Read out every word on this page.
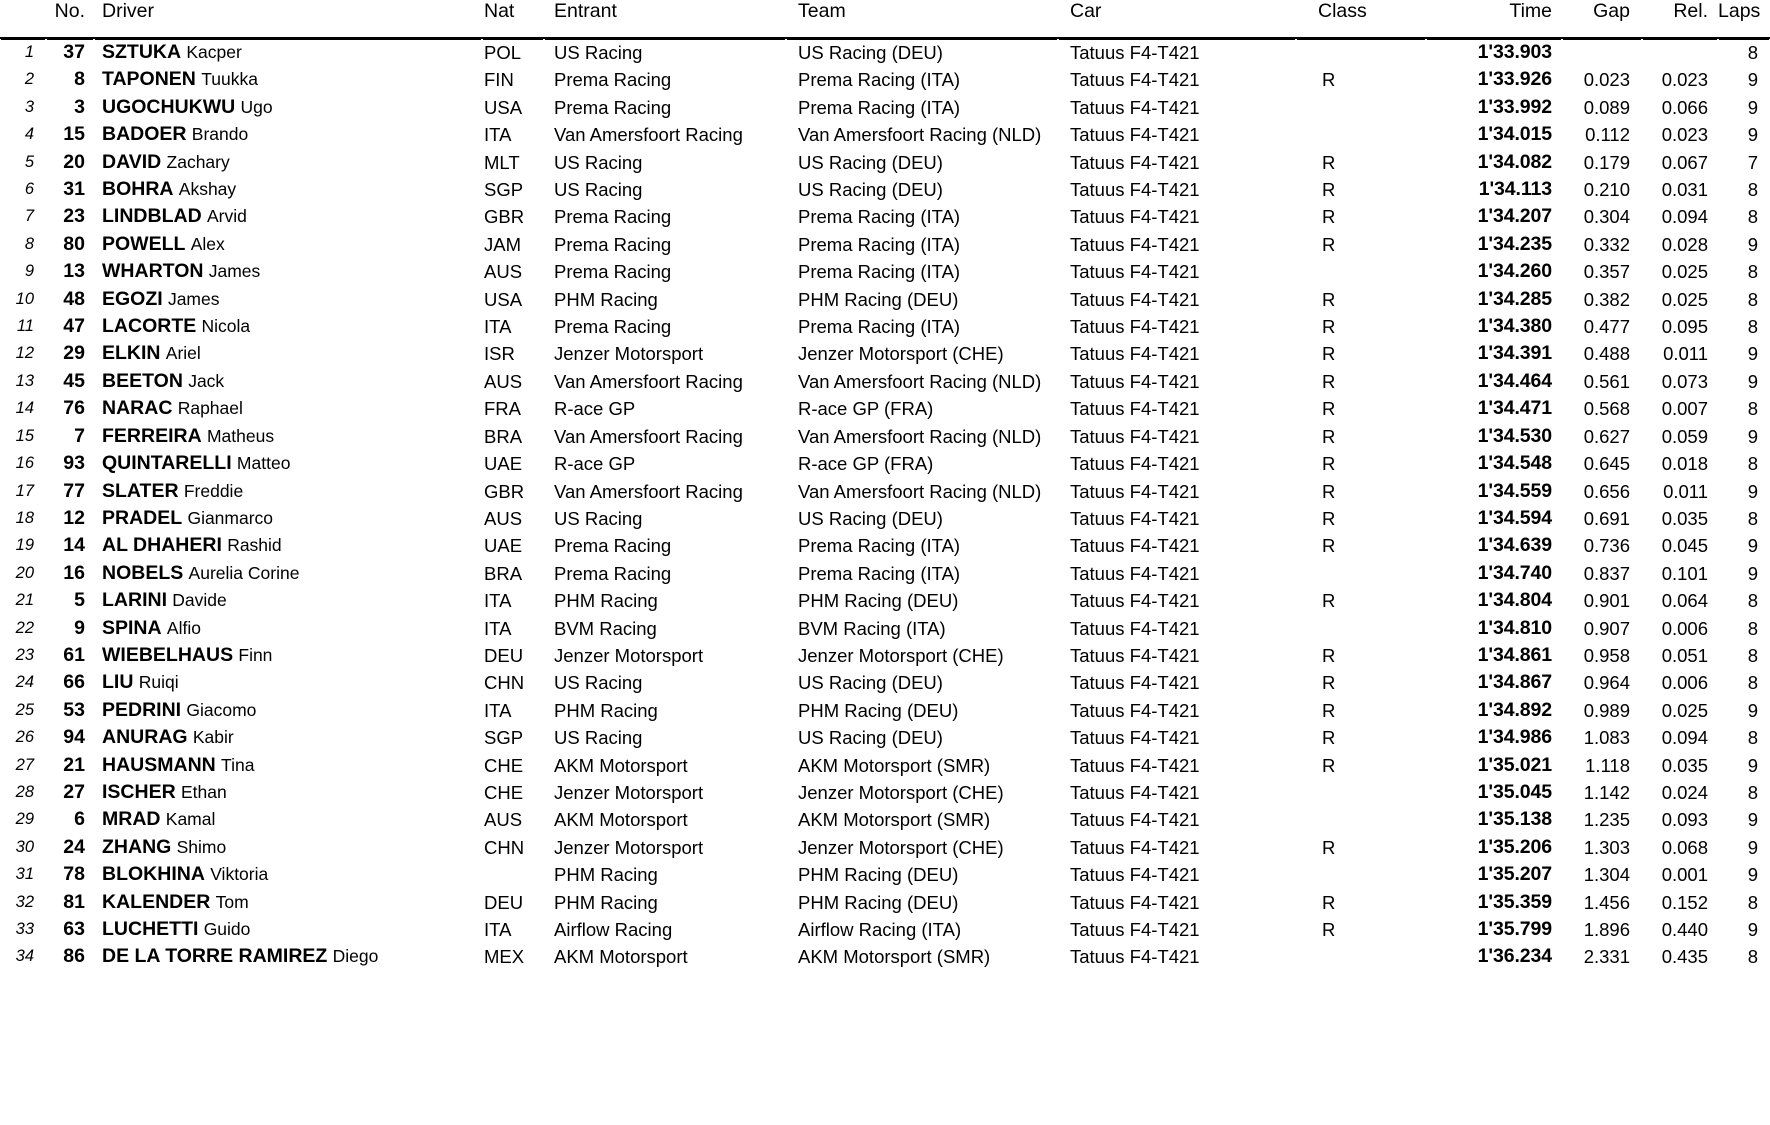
	No.	Driver	Nat	Entrant	Team	Car	Class	Time	Gap	Rel.	Laps
1	37	SZTUKA Kacper	POL	US Racing	US Racing (DEU)	Tatuus F4-T421		1'33.903			8
2	8	TAPONEN Tuukka	FIN	Prema Racing	Prema Racing (ITA)	Tatuus F4-T421	R	1'33.926	0.023	0.023	9
3	3	UGOCHUKWU Ugo	USA	Prema Racing	Prema Racing (ITA)	Tatuus F4-T421		1'33.992	0.089	0.066	9
4	15	BADOER Brando	ITA	Van Amersfoort Racing	Van Amersfoort Racing (NLD)	Tatuus F4-T421		1'34.015	0.112	0.023	9
5	20	DAVID Zachary	MLT	US Racing	US Racing (DEU)	Tatuus F4-T421	R	1'34.082	0.179	0.067	7
6	31	BOHRA Akshay	SGP	US Racing	US Racing (DEU)	Tatuus F4-T421	R	1'34.113	0.210	0.031	8
7	23	LINDBLAD Arvid	GBR	Prema Racing	Prema Racing (ITA)	Tatuus F4-T421	R	1'34.207	0.304	0.094	8
8	80	POWELL Alex	JAM	Prema Racing	Prema Racing (ITA)	Tatuus F4-T421	R	1'34.235	0.332	0.028	9
9	13	WHARTON James	AUS	Prema Racing	Prema Racing (ITA)	Tatuus F4-T421		1'34.260	0.357	0.025	8
10	48	EGOZI James	USA	PHM Racing	PHM Racing (DEU)	Tatuus F4-T421	R	1'34.285	0.382	0.025	8
11	47	LACORTE Nicola	ITA	Prema Racing	Prema Racing (ITA)	Tatuus F4-T421	R	1'34.380	0.477	0.095	8
12	29	ELKIN Ariel	ISR	Jenzer Motorsport	Jenzer Motorsport (CHE)	Tatuus F4-T421	R	1'34.391	0.488	0.011	9
13	45	BEETON Jack	AUS	Van Amersfoort Racing	Van Amersfoort Racing (NLD)	Tatuus F4-T421	R	1'34.464	0.561	0.073	9
14	76	NARAC Raphael	FRA	R-ace GP	R-ace GP (FRA)	Tatuus F4-T421	R	1'34.471	0.568	0.007	8
15	7	FERREIRA Matheus	BRA	Van Amersfoort Racing	Van Amersfoort Racing (NLD)	Tatuus F4-T421	R	1'34.530	0.627	0.059	9
16	93	QUINTARELLI Matteo	UAE	R-ace GP	R-ace GP (FRA)	Tatuus F4-T421	R	1'34.548	0.645	0.018	8
17	77	SLATER Freddie	GBR	Van Amersfoort Racing	Van Amersfoort Racing (NLD)	Tatuus F4-T421	R	1'34.559	0.656	0.011	9
18	12	PRADEL Gianmarco	AUS	US Racing	US Racing (DEU)	Tatuus F4-T421	R	1'34.594	0.691	0.035	8
19	14	AL DHAHERI Rashid	UAE	Prema Racing	Prema Racing (ITA)	Tatuus F4-T421	R	1'34.639	0.736	0.045	9
20	16	NOBELS Aurelia Corine	BRA	Prema Racing	Prema Racing (ITA)	Tatuus F4-T421		1'34.740	0.837	0.101	9
21	5	LARINI Davide	ITA	PHM Racing	PHM Racing (DEU)	Tatuus F4-T421	R	1'34.804	0.901	0.064	8
22	9	SPINA Alfio	ITA	BVM Racing	BVM Racing (ITA)	Tatuus F4-T421		1'34.810	0.907	0.006	8
23	61	WIEBELHAUS Finn	DEU	Jenzer Motorsport	Jenzer Motorsport (CHE)	Tatuus F4-T421	R	1'34.861	0.958	0.051	8
24	66	LIU Ruiqi	CHN	US Racing	US Racing (DEU)	Tatuus F4-T421	R	1'34.867	0.964	0.006	8
25	53	PEDRINI Giacomo	ITA	PHM Racing	PHM Racing (DEU)	Tatuus F4-T421	R	1'34.892	0.989	0.025	9
26	94	ANURAG Kabir	SGP	US Racing	US Racing (DEU)	Tatuus F4-T421	R	1'34.986	1.083	0.094	8
27	21	HAUSMANN Tina	CHE	AKM Motorsport	AKM Motorsport (SMR)	Tatuus F4-T421	R	1'35.021	1.118	0.035	9
28	27	ISCHER Ethan	CHE	Jenzer Motorsport	Jenzer Motorsport (CHE)	Tatuus F4-T421		1'35.045	1.142	0.024	8
29	6	MRAD Kamal	AUS	AKM Motorsport	AKM Motorsport (SMR)	Tatuus F4-T421		1'35.138	1.235	0.093	9
30	24	ZHANG Shimo	CHN	Jenzer Motorsport	Jenzer Motorsport (CHE)	Tatuus F4-T421	R	1'35.206	1.303	0.068	9
31	78	BLOKHINA Viktoria		PHM Racing	PHM Racing (DEU)	Tatuus F4-T421		1'35.207	1.304	0.001	9
32	81	KALENDER Tom	DEU	PHM Racing	PHM Racing (DEU)	Tatuus F4-T421	R	1'35.359	1.456	0.152	8
33	63	LUCHETTI Guido	ITA	Airflow Racing	Airflow Racing (ITA)	Tatuus F4-T421	R	1'35.799	1.896	0.440	9
34	86	DE LA TORRE RAMIREZ Diego	MEX	AKM Motorsport	AKM Motorsport (SMR)	Tatuus F4-T421		1'36.234	2.331	0.435	8
